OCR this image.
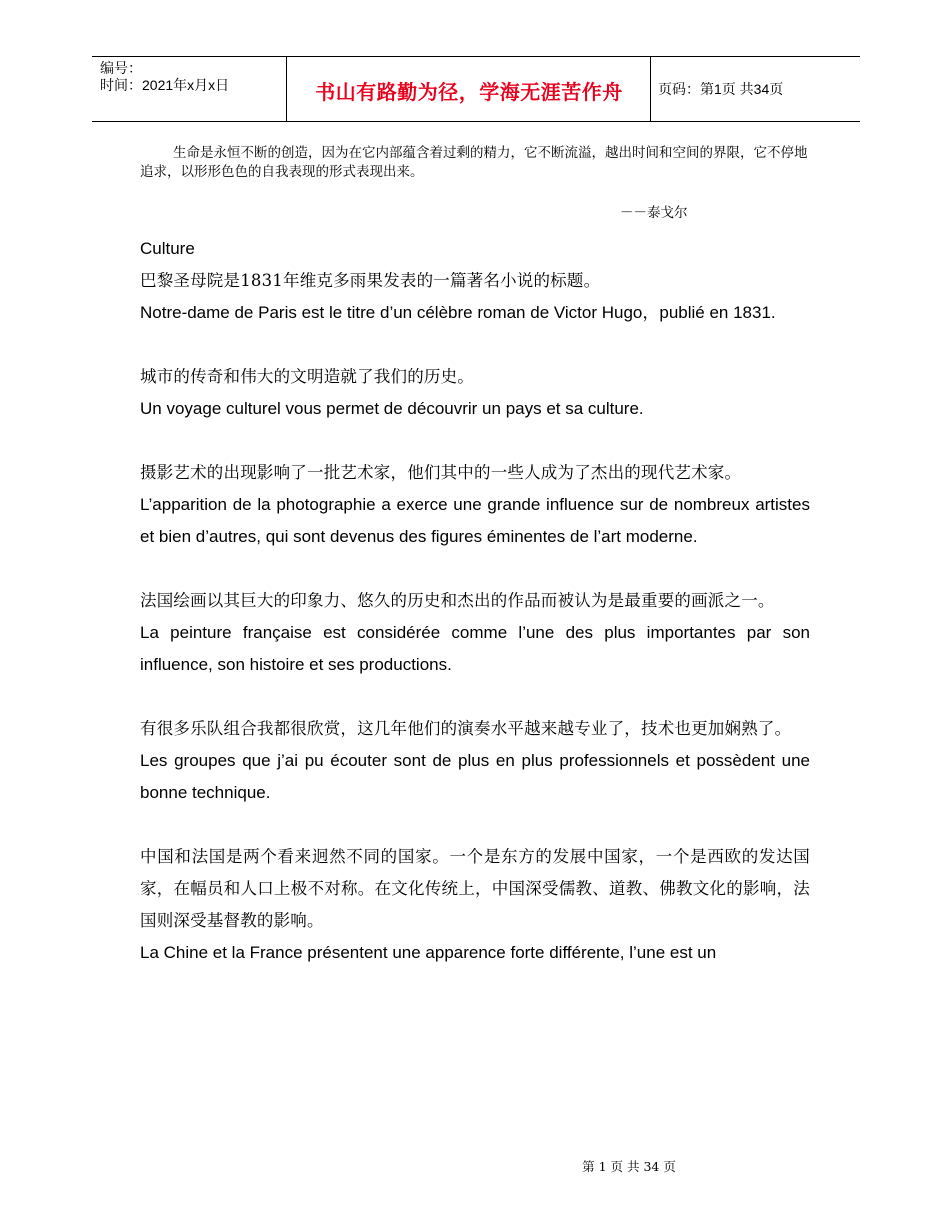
编号：
时间：2021年x月x日	书山有路勤为径，学海无涯苦作舟	页码：第1页 共34页
生命是永恒不断的创造，因为在它内部蕴含着过剩的精力，它不断流溢，越出时间和空间的界限，它不停地追求，以形形色色的自我表现的形式表现出来。
－－泰戈尔

Culture

巴黎圣母院是1831年维克多雨果发表的一篇著名小说的标题。

Notre-dame de Paris est le titre d’un célèbre roman de Victor Hugo，publié en 1831.

城市的传奇和伟大的文明造就了我们的历史。

Un voyage culturel vous permet de découvrir un pays et sa culture.

摄影艺术的出现影响了一批艺术家，他们其中的一些人成为了杰出的现代艺术家。

L’apparition de la photographie a exerce une grande influence sur de nombreux artistes et bien d’autres, qui sont devenus des figures éminentes de l’art moderne.

法国绘画以其巨大的印象力、悠久的历史和杰出的作品而被认为是最重要的画派之一。

La peinture française est considérée comme l’une des plus importantes par son influence, son histoire et ses productions.

有很多乐队组合我都很欣赏，这几年他们的演奏水平越来越专业了，技术也更加娴熟了。

Les groupes que j’ai pu écouter sont de plus en plus professionnels et possèdent une bonne technique.

中国和法国是两个看来迥然不同的国家。一个是东方的发展中国家，一个是西欧的发达国家，在幅员和人口上极不对称。在文化传统上，中国深受儒教、道教、佛教文化的影响，法国则深受基督教的影响。

La Chine et la France présentent une apparence forte différente, l’une est un

第 1 页 共 34 页
